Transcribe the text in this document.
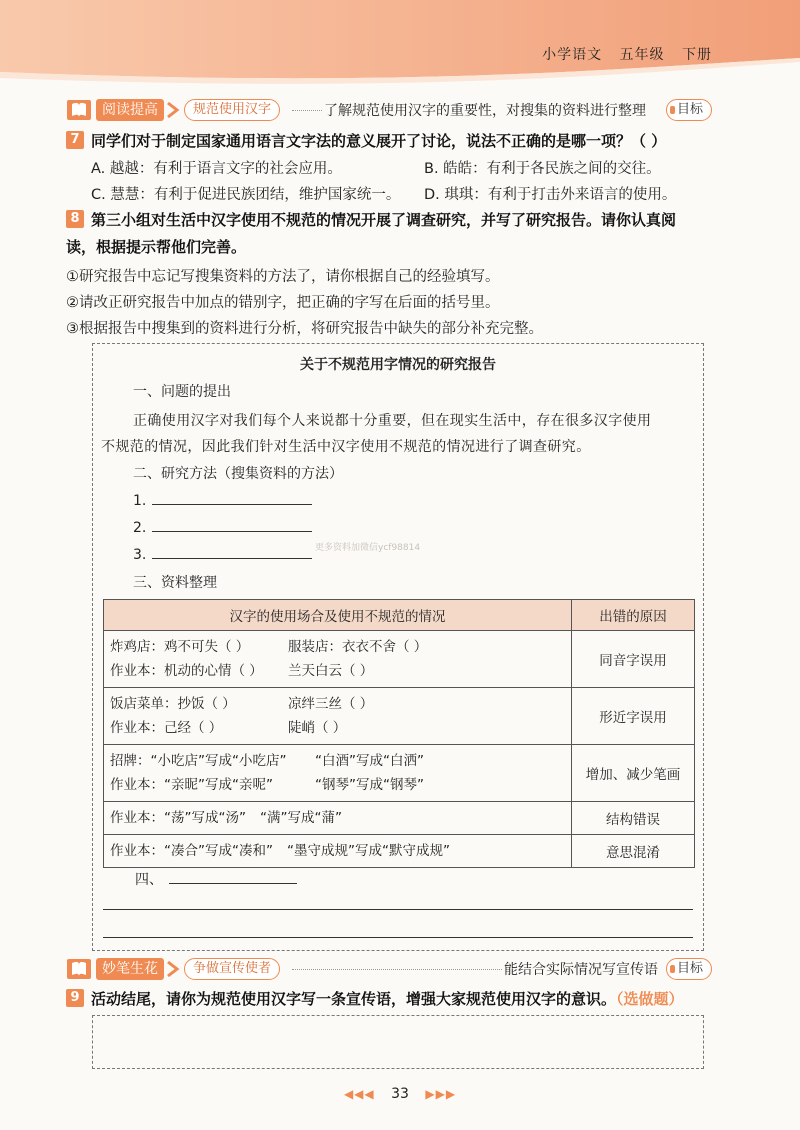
小学语文 五年级 下册
阅读提高	规范使用汉字	了解规范使用汉字的重要性，对搜集的资料进行整理	目标
7 同学们对于制定国家通用语言文字法的意义展开了讨论，说法不正确的是哪一项？（ ）
A. 越越：有利于语言文字的社会应用。	B. 皓皓：有利于各民族之间的交往。
C. 慧慧：有利于促进民族团结，维护国家统一。 D. 琪琪：有利于打击外来语言的使用。
8 第三小组对生活中汉字使用不规范的情况开展了调查研究，并写了研究报告。请你认真阅
读，根据提示帮他们完善。
①研究报告中忘记写搜集资料的方法了，请你根据自己的经验填写。
②请改正研究报告中加点的错别字，把正确的字写在后面的括号里。
③根据报告中搜集到的资料进行分析，将研究报告中缺失的部分补充完整。
关于不规范用字情况的研究报告
一、问题的提出
正确使用汉字对我们每个人来说都十分重要，但在现实生活中，存在很多汉字使用
不规范的情况，因此我们针对生活中汉字使用不规范的情况进行了调查研究。
二、研究方法（搜集资料的方法）
1.
2.
3.
三、资料整理
汉字的使用场合及使用不规范的情况	出错的原因

炸鸡店：鸡不可失（ ） 服装店：衣衣不舍（ ）
作业本：机动的心情（ ） 兰天白云（ ）	同音字误用

饭店菜单：抄饭（ ） 凉绊三丝（ ）
作业本：己经（ ） 陡峭（ ）	形近字误用

招牌：“小吃店”写成“小吃店” “白酒”写成“白洒”
作业本：“亲昵”写成“亲呢” “钢琴”写成“钢琴”	增加、减少笔画

作业本：“荡”写成“汤” “满”写成“蒲”	结构错误

作业本：“凑合”写成“凑和” “墨守成规”写成“默守成规”	意思混淆
四、
更多资料加微信ycf98814
妙笔生花	争做宣传使者	能结合实际情况写宣传语	目标
9 活动结尾，请你为规范使用汉字写一条宣传语，增强大家规范使用汉字的意识。（选做题）
◀◀◀ 33 ▶▶▶
